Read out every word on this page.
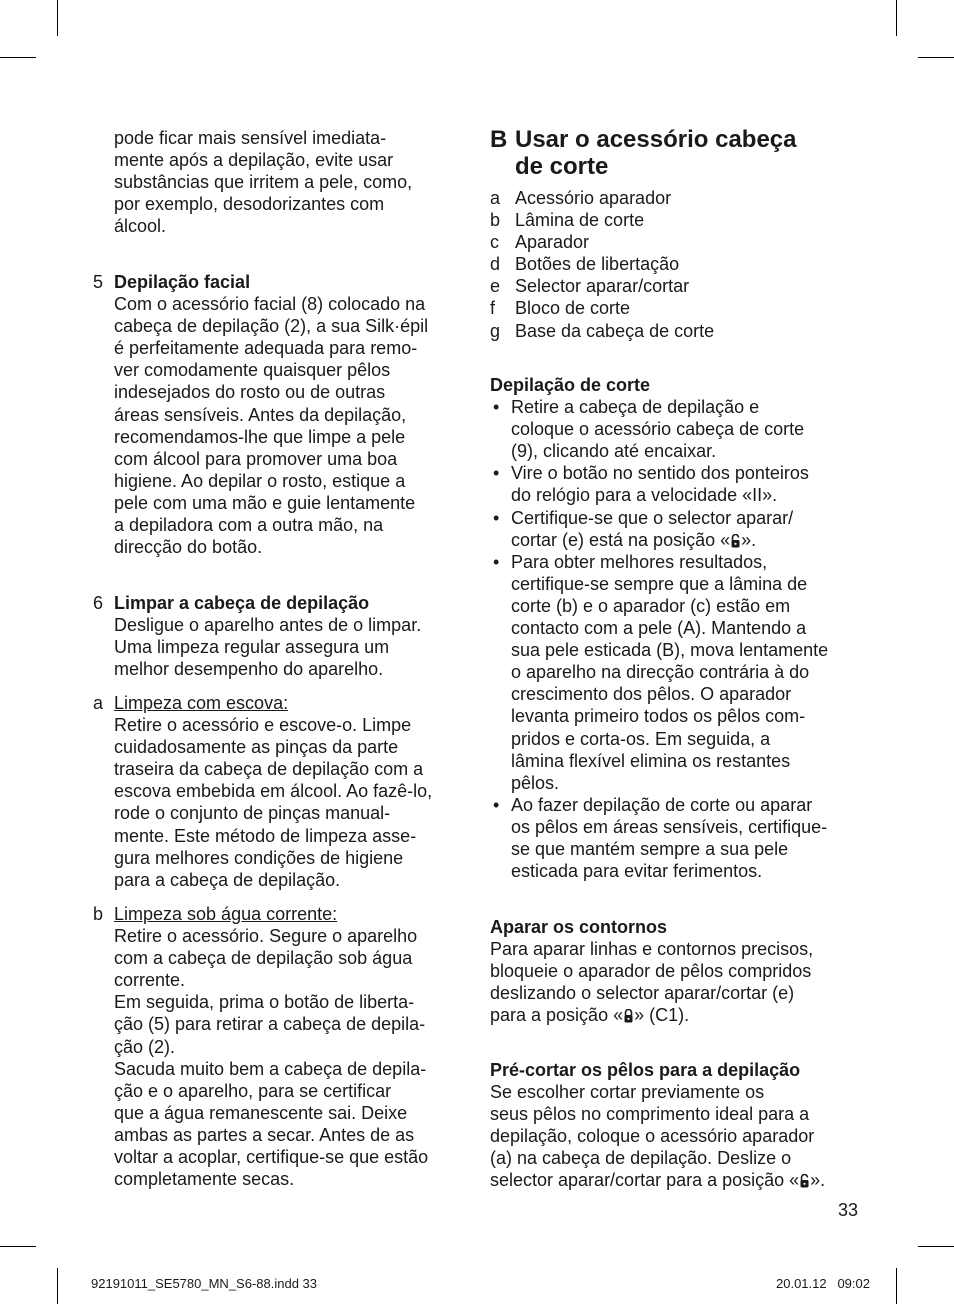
pode ficar mais sensível imediata-
mente após a depilação, evite usar
substâncias que irritem a pele, como,
por exemplo, desodorizantes com
álcool.
5 Depilação facial
Com o acessório facial (8) colocado na
cabeça de depilação (2), a sua Silk·épil
é perfeitamente adequada para remo-
ver comodamente quaisquer pêlos
indesejados do rosto ou de outras
áreas sensíveis. Antes da depilação,
recomendamos-lhe que limpe a pele
com álcool para promover uma boa
higiene. Ao depilar o rosto, estique a
pele com uma mão e guie lentamente
a depiladora com a outra mão, na
direcção do botão.
6 Limpar a cabeça de depilação
Desligue o aparelho antes de o limpar.
Uma limpeza regular assegura um
melhor desempenho do aparelho.
a Limpeza com escova:
Retire o acessório e escove-o. Limpe
cuidadosamente as pinças da parte
traseira da cabeça de depilação com a
escova embebida em álcool. Ao fazê-lo,
rode o conjunto de pinças manual-
mente. Este método de limpeza asse-
gura melhores condições de higiene
para a cabeça de depilação.
b Limpeza sob água corrente:
Retire o acessório. Segure o aparelho
com a cabeça de depilação sob água
corrente.
Em seguida, prima o botão de liberta-
ção (5) para retirar a cabeça de depila-
ção (2).
Sacuda muito bem a cabeça de depila-
ção e o aparelho, para se certificar
que a água remanescente sai. Deixe
ambas as partes a secar. Antes de as
voltar a acoplar, certifique-se que estão
completamente secas.
B Usar o acessório cabeça
de corte
a Acessório aparador
b Lâmina de corte
c Aparador
d Botões de libertação
e Selector aparar/cortar
f Bloco de corte
g Base da cabeça de corte
Depilação de corte
• Retire a cabeça de depilação e
coloque o acessório cabeça de corte
(9), clicando até encaixar.
• Vire o botão no sentido dos ponteiros
do relógio para a velocidade «II».
• Certifique-se que o selector aparar/
cortar (e) está na posição « ».
• Para obter melhores resultados,
certifique-se sempre que a lâmina de
corte (b) e o aparador (c) estão em
contacto com a pele (A). Mantendo a
sua pele esticada (B), mova lentamente
o aparelho na direcção contrária à do
crescimento dos pêlos. O aparador
levanta primeiro todos os pêlos com-
pridos e corta-os. Em seguida, a
lâmina flexível elimina os restantes
pêlos.
• Ao fazer depilação de corte ou aparar
os pêlos em áreas sensíveis, certifique-
se que mantém sempre a sua pele
esticada para evitar ferimentos.
Aparar os contornos
Para aparar linhas e contornos precisos,
bloqueie o aparador de pêlos compridos
deslizando o selector aparar/cortar (e)
para a posição « » (C1).
Pré-cortar os pêlos para a depilação
Se escolher cortar previamente os
seus pêlos no comprimento ideal para a
depilação, coloque o acessório aparador
(a) na cabeça de depilação. Deslize o
selector aparar/cortar para a posição « ».
33
92191011_SE5780_MN_S6-88.indd 33	20.01.12 09:02
